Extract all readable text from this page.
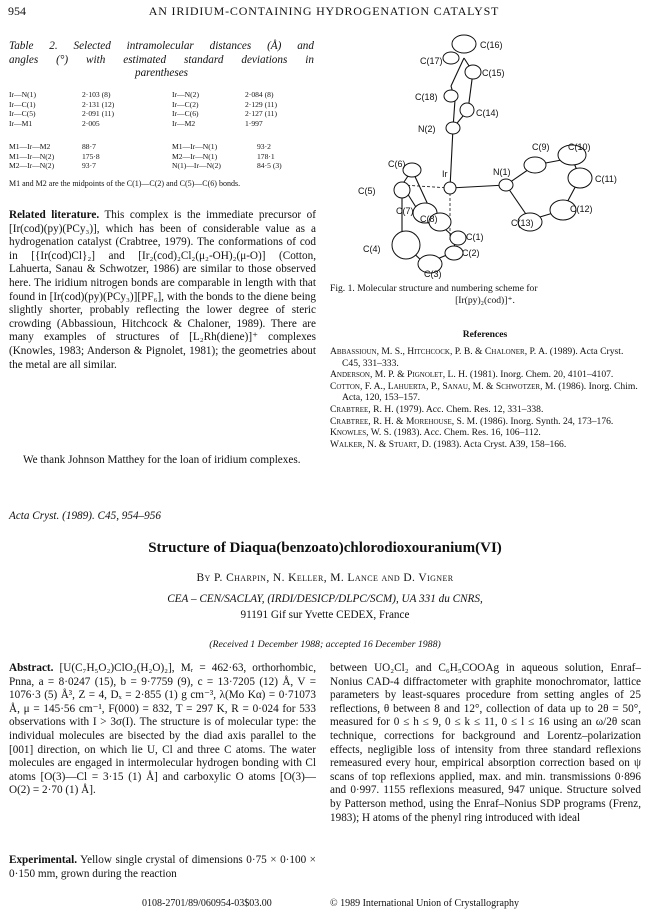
954	AN IRIDIUM-CONTAINING HYDROGENATION CATALYST
Table 2. Selected intramolecular distances (Å) and
angles (°) with estimated standard deviations in
parentheses
Ir—N(1)	2·103 (8)	Ir—N(2)	2·084 (8)
Ir—C(1)	2·131 (12)	Ir—C(2)	2·129 (11)
Ir—C(5)	2·091 (11)	Ir—C(6)	2·127 (11)
Ir—M1	2·005	Ir—M2	1·997
M1—Ir—M2	88·7	M1—Ir—N(1)	93·2
M1—Ir—N(2)	175·8	M2—Ir—N(1)	178·1
M2—Ir—N(2)	93·7	N(1)—Ir—N(2)	84·5 (3)
M1 and M2 are the midpoints of the C(1)—C(2) and C(5)—C(6) bonds.
Related literature. This complex is the immediate precursor of [Ir(cod)(py)(PCy₃)], which has been of considerable value as a hydrogenation catalyst (Crabtree, 1979). The conformations of cod in [{Ir(cod)Cl}₂] and [Ir₂(cod)₂Cl₂(μ₂-OH)₂(μ-O)] (Cotton, Lahuerta, Sanau & Schwotzer, 1986) are similar to those observed here. The iridium nitrogen bonds are comparable in length with that found in [Ir(cod)(py)(PCy₃)][PF₆], with the bonds to the diene being slightly shorter, probably reflecting the lower degree of steric crowding (Abbassioun, Hitchcock & Chaloner, 1989). There are many examples of structures of [L₂Rh(diene)]⁺ complexes (Knowles, 1983; Anderson & Pignolet, 1981); the geometries about the metal are all similar.
We thank Johnson Matthey for the loan of iridium complexes.
C(16)
C(17)
C(15)
C(18)
C(14)
N(2)
C(9) C(10)
C(6)
Ir	N(1)
C(11)
C(5)
C(7)
C(8)
C(12)
C(13)
C(1)
C(4)	C(2)
C(3)
Fig. 1. Molecular structure and numbering scheme for
[Ir(py)₂(cod)]⁺.
References
Abbassioun, M. S., Hitchcock, P. B. & Chaloner, P. A. (1989). Acta Cryst. C45, 331–333.
Anderson, M. P. & Pignolet, L. H. (1981). Inorg. Chem. 20, 4101–4107.
Cotton, F. A., Lahuerta, P., Sanau, M. & Schwotzer, M. (1986). Inorg. Chim. Acta, 120, 153–157.
Crabtree, R. H. (1979). Acc. Chem. Res. 12, 331–338.
Crabtree, R. H. & Morehouse, S. M. (1986). Inorg. Synth. 24, 173–176.
Knowles, W. S. (1983). Acc. Chem. Res. 16, 106–112.
Walker, N. & Stuart, D. (1983). Acta Cryst. A39, 158–166.
Acta Cryst. (1989). C45, 954–956
Structure of Diaqua(benzoato)chlorodioxouranium(VI)
By P. Charpin, N. Keller, M. Lance and D. Vigner
CEA – CEN/SACLAY, (IRDI/DESICP/DLPC/SCM), UA 331 du CNRS,
91191 Gif sur Yvette CEDEX, France
(Received 1 December 1988; accepted 16 December 1988)
Abstract. [U(C₇H₅O₂)ClO₂(H₂O)₂], Mᵣ = 462·63, orthorhombic, Pnna, a = 8·0247 (15), b = 9·7759 (9), c = 13·7205 (12) Å, V = 1076·3 (5) Å³, Z = 4, Dₓ = 2·855 (1) g cm⁻³, λ(Mo Kα) = 0·71073 Å, μ = 145·56 cm⁻¹, F(000) = 832, T = 297 K, R = 0·024 for 533 observations with I > 3σ(I). The structure is of molecular type: the individual molecules are bisected by the diad axis parallel to the [001] direction, on which lie U, Cl and three C atoms. The water molecules are engaged in intermolecular hydrogen bonding with Cl atoms [O(3)—Cl = 3·15 (1) Å] and carboxylic O atoms [O(3)—O(2) = 2·70 (1) Å].
Experimental. Yellow single crystal of dimensions 0·75 × 0·100 × 0·150 mm, grown during the reaction
between UO₂Cl₂ and C₆H₅COOAg in aqueous solution, Enraf–Nonius CAD-4 diffractometer with graphite monochromator, lattice parameters by least-squares procedure from setting angles of 25 reflections, θ between 8 and 12°, collection of data up to 2θ = 50°, measured for 0 ≤ h ≤ 9, 0 ≤ k ≤ 11, 0 ≤ l ≤ 16 using an ω/2θ scan technique, corrections for background and Lorentz–polarization effects, negligible loss of intensity from three standard reflexions remeasured every hour, empirical absorption correction based on ψ scans of top reflexions applied, max. and min. transmissions 0·896 and 0·997. 1155 reflexions measured, 947 unique. Structure solved by Patterson method, using the Enraf–Nonius SDP programs (Frenz, 1983); H atoms of the phenyl ring introduced with ideal
0108-2701/89/060954-03$03.00	© 1989 International Union of Crystallography
